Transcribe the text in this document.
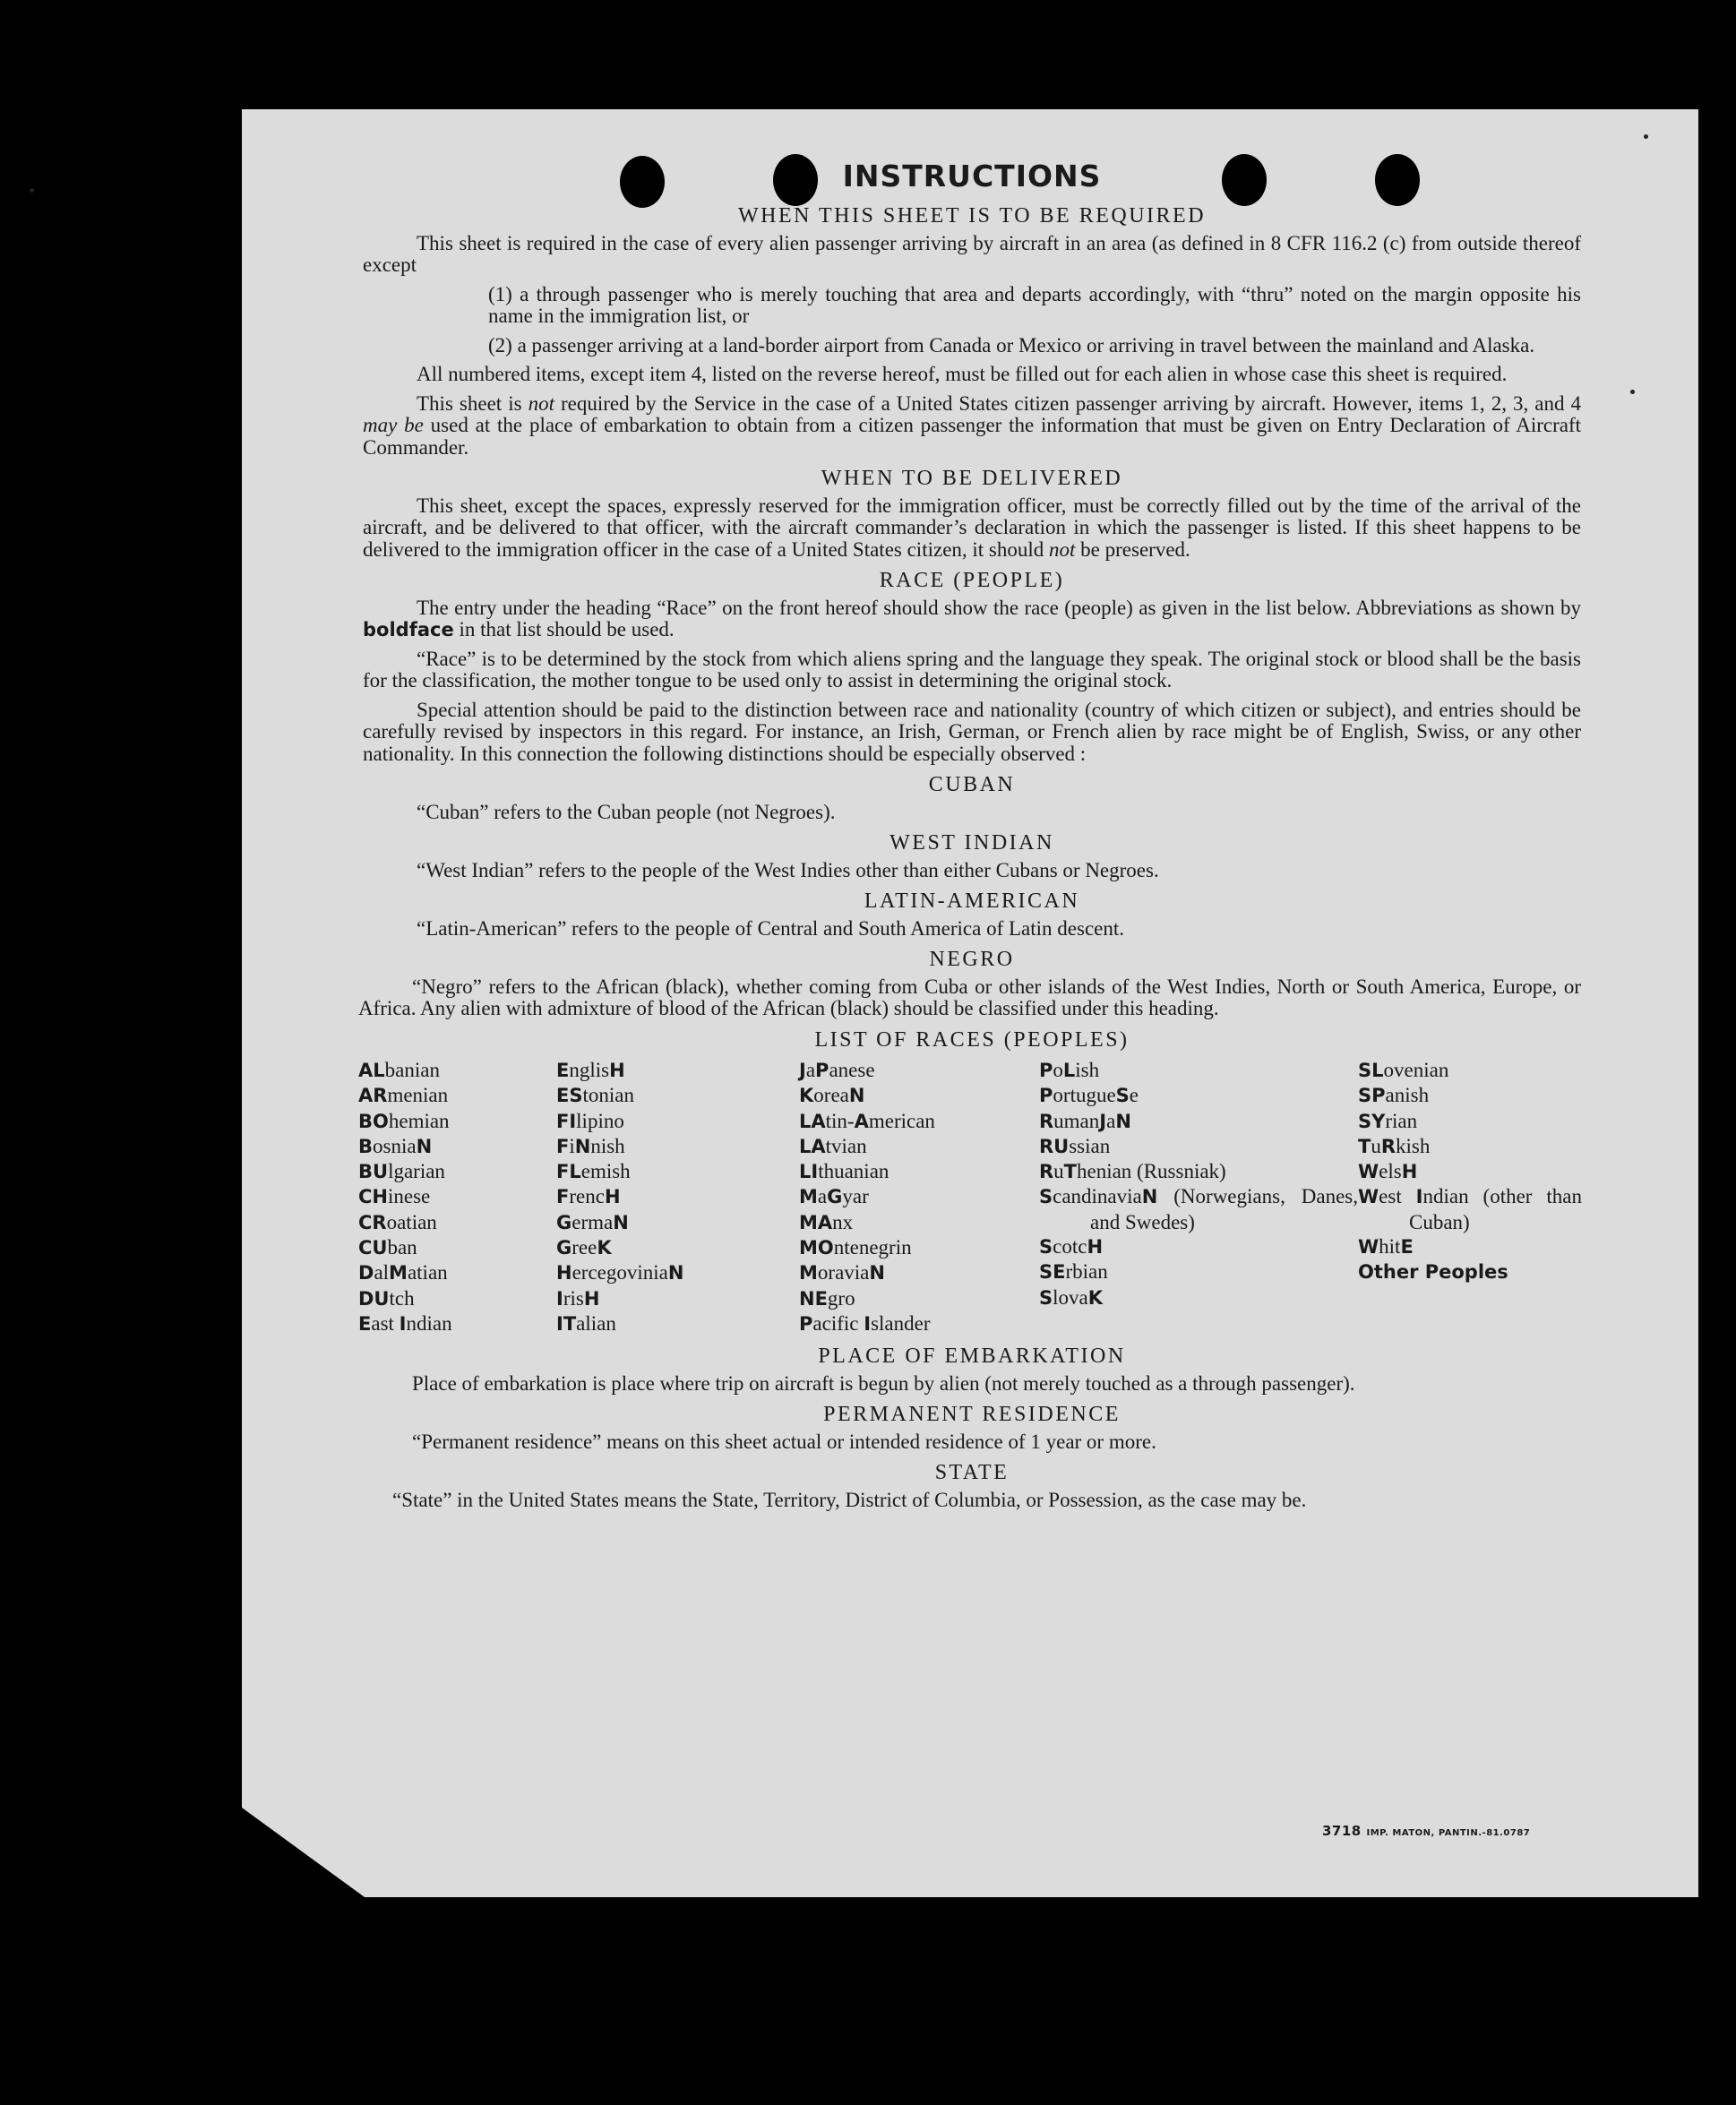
INSTRUCTIONS
WHEN THIS SHEET IS TO BE REQUIRED

This sheet is required in the case of every alien passenger arriving by aircraft in an area (as defined in 8 CFR 116.2 (c) from outside thereof except

(1) a through passenger who is merely touching that area and departs accordingly, with “thru” noted on the margin opposite his name in the immigration list, or

(2) a passenger arriving at a land-border airport from Canada or Mexico or arriving in travel between the mainland and Alaska.

All numbered items, except item 4, listed on the reverse hereof, must be filled out for each alien in whose case this sheet is required.

This sheet is not required by the Service in the case of a United States citizen passenger arriving by aircraft. However, items 1, 2, 3, and 4 may be used at the place of embarkation to obtain from a citizen passenger the information that must be given on Entry Declaration of Aircraft Commander.

WHEN TO BE DELIVERED

This sheet, except the spaces, expressly reserved for the immigration officer, must be correctly filled out by the time of the arrival of the aircraft, and be delivered to that officer, with the aircraft commander’s declaration in which the passenger is listed. If this sheet happens to be delivered to the immigration officer in the case of a United States citizen, it should not be preserved.

RACE (PEOPLE)

The entry under the heading “Race” on the front hereof should show the race (people) as given in the list below. Abbreviations as shown by boldface in that list should be used.

“Race” is to be determined by the stock from which aliens spring and the language they speak. The original stock or blood shall be the basis for the classification, the mother tongue to be used only to assist in determining the original stock.

Special attention should be paid to the distinction between race and nationality (country of which citizen or subject), and entries should be carefully revised by inspectors in this regard. For instance, an Irish, German, or French alien by race might be of English, Swiss, or any other nationality. In this connection the following distinctions should be especially observed :

CUBAN

“Cuban” refers to the Cuban people (not Negroes).

WEST INDIAN

“West Indian” refers to the people of the West Indies other than either Cubans or Negroes.

LATIN-AMERICAN

“Latin-American” refers to the people of Central and South America of Latin descent.

NEGRO

“Negro” refers to the African (black), whether coming from Cuba or other islands of the West Indies, North or South America, Europe, or Africa. Any alien with admixture of blood of the African (black) should be classified under this heading.

LIST OF RACES (PEOPLES)
ALbanian
ARmenian
BOhemian
BosniaN
BUlgarian
CHinese
CRoatian
CUban
DalMatian
DUtch
East Indian
EnglisH
EStonian
FIlipino
FiNnish
FLemish
FrencH
GermaN
GreeK
HercegoviniaN
IrisH
ITalian
JaPanese
KoreaN
LAtin-American
LAtvian
LIthuanian
MaGyar
MAnx
MOntenegrin
MoraviaN
NEgro
Pacific Islander
PoLish
PortugueSe
RumanJaN
RUssian
RuThenian (Russniak)
ScandinaviaN (Norwegians, Danes, and Swedes)
ScotcH
SErbian
SlovaK
SLovenian
SPanish
SYrian
TuRkish
WelsH
West Indian (other than Cuban)
WhitE
Other Peoples
PLACE OF EMBARKATION

Place of embarkation is place where trip on aircraft is begun by alien (not merely touched as a through passenger).

PERMANENT RESIDENCE

“Permanent residence” means on this sheet actual or intended residence of 1 year or more.

STATE

“State” in the United States means the State, Territory, District of Columbia, or Possession, as the case may be.

3718 IMP. MATON, PANTIN.-81.0787
